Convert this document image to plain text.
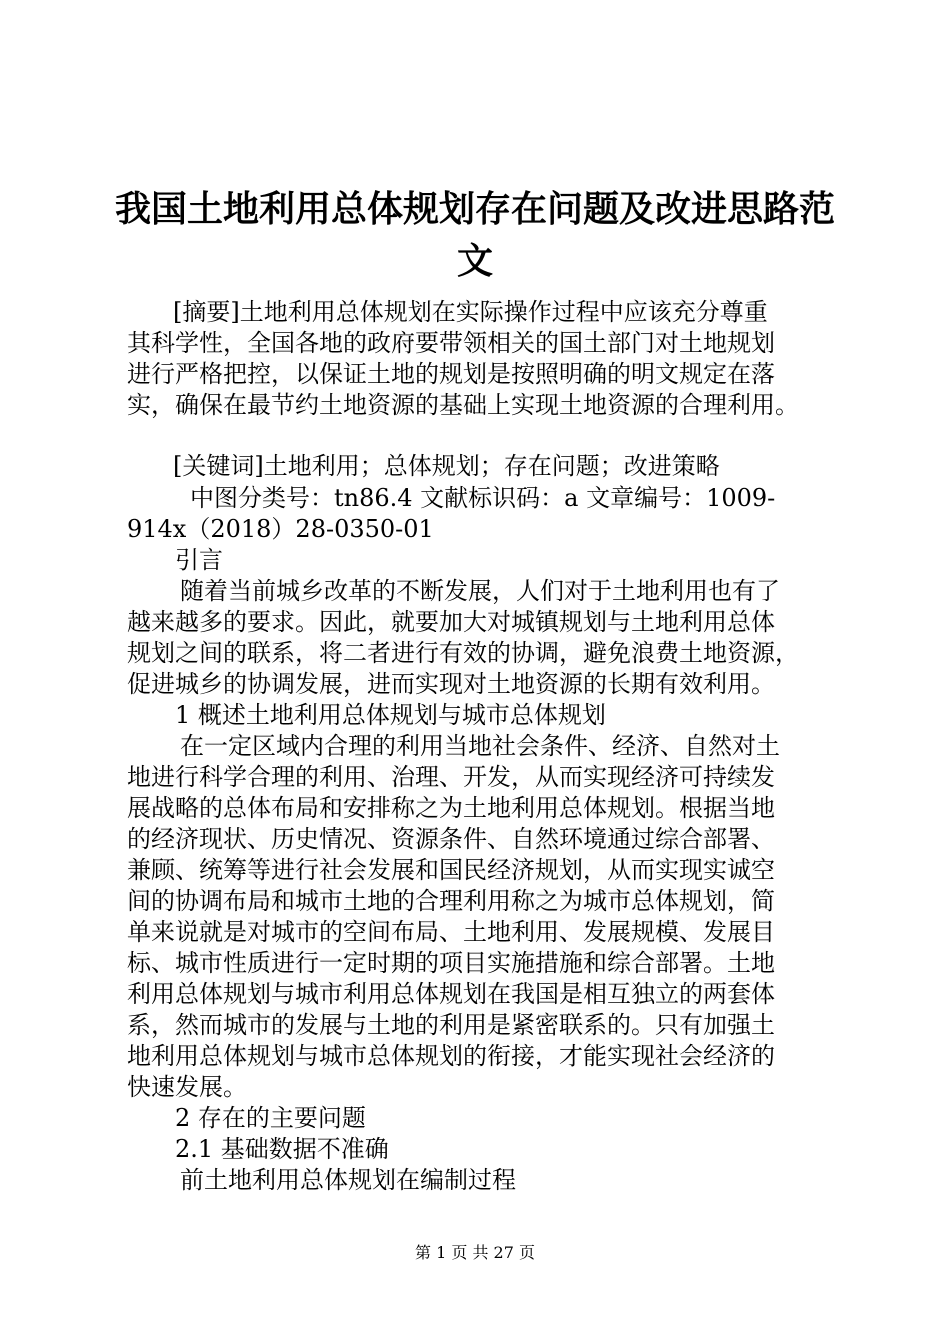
我国土地利用总体规划存在问题及改进思路范
文
[摘要]土地利用总体规划在实际操作过程中应该充分尊重
其科学性，全国各地的政府要带领相关的国土部门对土地规划
进行严格把控，以保证土地的规划是按照明确的明文规定在落
实，确保在最节约土地资源的基础上实现土地资源的合理利用。
[关键词]土地利用；总体规划；存在问题；改进策略
中图分类号：tn86.4 文献标识码：a 文章编号：1009-
914x（2018）28-0350-01
引言
随着当前城乡改革的不断发展，人们对于土地利用也有了
越来越多的要求。因此，就要加大对城镇规划与土地利用总体
规划之间的联系，将二者进行有效的协调，避免浪费土地资源，
促进城乡的协调发展，进而实现对土地资源的长期有效利用。
1 概述土地利用总体规划与城市总体规划
在一定区域内合理的利用当地社会条件、经济、自然对土
地进行科学合理的利用、治理、开发，从而实现经济可持续发
展战略的总体布局和安排称之为土地利用总体规划。根据当地
的经济现状、历史情况、资源条件、自然环境通过综合部署、
兼顾、统筹等进行社会发展和国民经济规划，从而实现实诚空
间的协调布局和城市土地的合理利用称之为城市总体规划，简
单来说就是对城市的空间布局、土地利用、发展规模、发展目
标、城市性质进行一定时期的项目实施措施和综合部署。土地
利用总体规划与城市利用总体规划在我国是相互独立的两套体
系，然而城市的发展与土地的利用是紧密联系的。只有加强土
地利用总体规划与城市总体规划的衔接，才能实现社会经济的
快速发展。
2 存在的主要问题
2.1 基础数据不准确
前土地利用总体规划在编制过程
第 1 页 共 27 页
